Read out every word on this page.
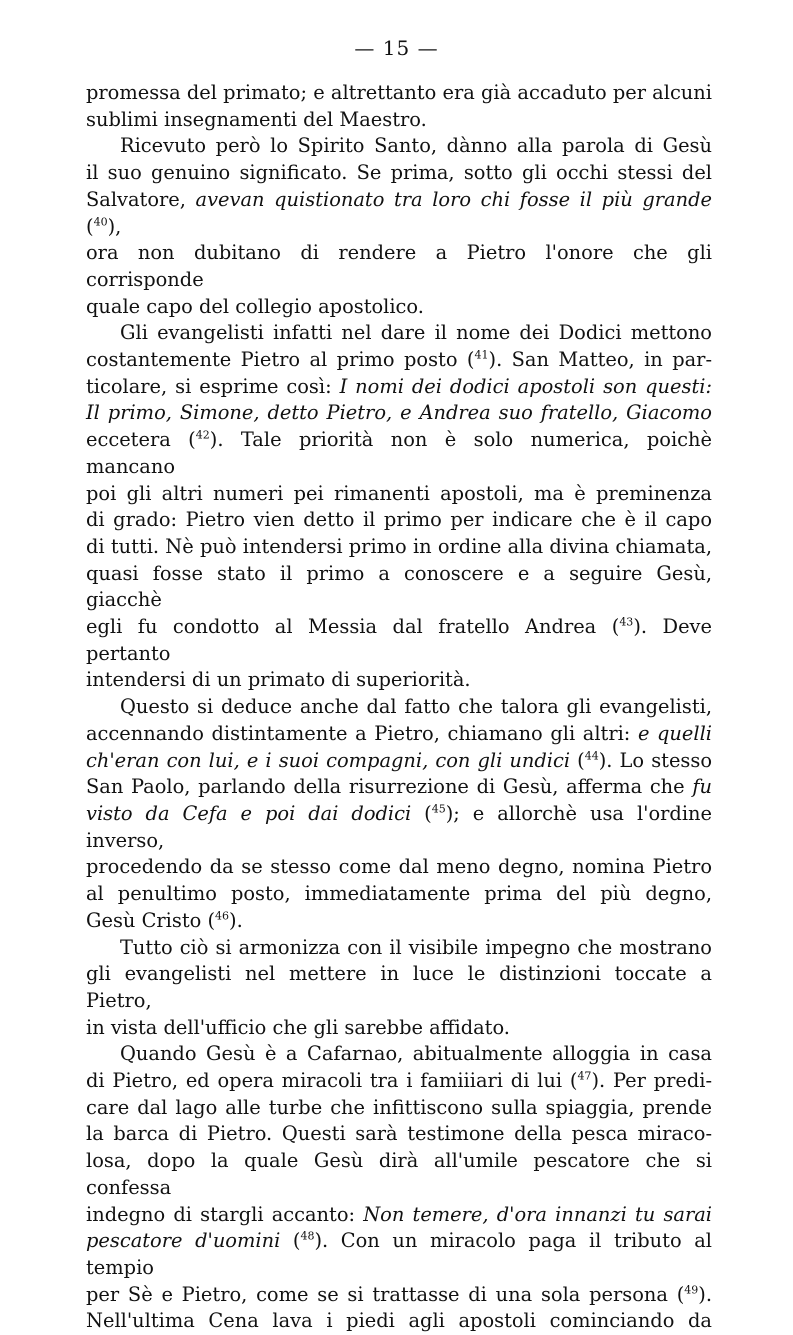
— 15 —

promessa del primato; e altrettanto era già accaduto per alcuni
sublimi insegnamenti del Maestro.

Ricevuto però lo Spirito Santo, dànno alla parola di Gesù
il suo genuino significato. Se prima, sotto gli occhi stessi del
Salvatore, avevan quistionato tra loro chi fosse il più grande ($^{40}$),
ora non dubitano di rendere a Pietro l'onore che gli corrisponde
quale capo del collegio apostolico.

Gli evangelisti infatti nel dare il nome dei Dodici mettono
costantemente Pietro al primo posto ($^{41}$). San Matteo, in par-
ticolare, si esprime così: I nomi dei dodici apostoli son questi:
Il primo, Simone, detto Pietro, e Andrea suo fratello, Giacomo
eccetera ($^{42}$). Tale priorità non è solo numerica, poichè mancano
poi gli altri numeri pei rimanenti apostoli, ma è preminenza
di grado: Pietro vien detto il primo per indicare che è il capo
di tutti. Nè può intendersi primo in ordine alla divina chiamata,
quasi fosse stato il primo a conoscere e a seguire Gesù, giacchè
egli fu condotto al Messia dal fratello Andrea ($^{43}$). Deve pertanto
intendersi di un primato di superiorità.

Questo si deduce anche dal fatto che talora gli evangelisti,
accennando distintamente a Pietro, chiamano gli altri: e quelli
ch'eran con lui, e i suoi compagni, con gli undici ($^{44}$). Lo stesso
San Paolo, parlando della risurrezione di Gesù, afferma che fu
visto da Cefa e poi dai dodici ($^{45}$); e allorchè usa l'ordine inverso,
procedendo da se stesso come dal meno degno, nomina Pietro
al penultimo posto, immediatamente prima del più degno,
Gesù Cristo ($^{46}$).

Tutto ciò si armonizza con il visibile impegno che mostrano
gli evangelisti nel mettere in luce le distinzioni toccate a Pietro,
in vista dell'ufficio che gli sarebbe affidato.

Quando Gesù è a Cafarnao, abitualmente alloggia in casa
di Pietro, ed opera miracoli tra i famiiiari di lui ($^{47}$). Per predi-
care dal lago alle turbe che infittiscono sulla spiaggia, prende
la barca di Pietro. Questi sarà testimone della pesca miraco-
losa, dopo la quale Gesù dirà all'umile pescatore che si confessa
indegno di stargli accanto: Non temere, d'ora innanzi tu sarai
pescatore d'uomini ($^{48}$). Con un miracolo paga il tributo al tempio
per Sè e Pietro, come se si trattasse di una sola persona ($^{49}$).
Nell'ultima Cena lava i piedi agli apostoli cominciando da
